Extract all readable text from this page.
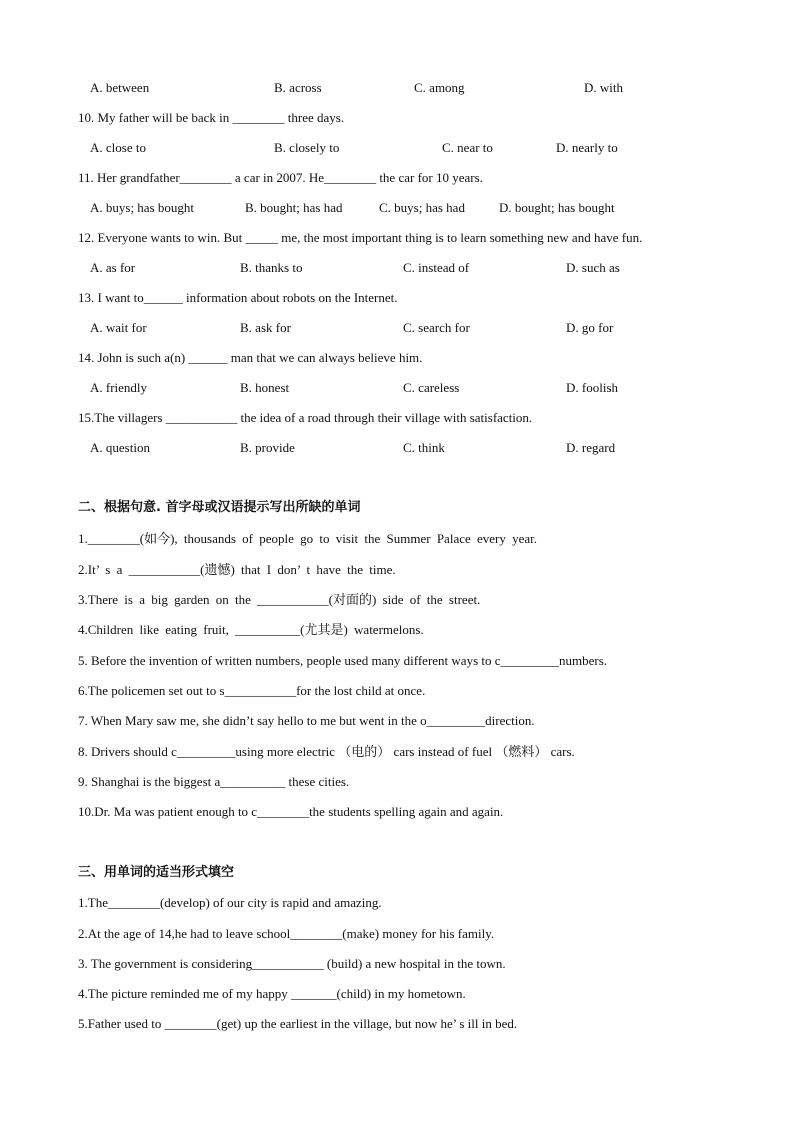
A. between	B. across	C. among	D. with
10. My father will be back in ________ three days.
A. close to	B. closely to	C. near to	D. nearly to
11. Her grandfather________ a car in 2007. He________ the car for 10 years.
A. buys; has bought	B. bought; has had	C. buys; has had	D. bought; has bought
12. Everyone wants to win. But _____ me, the most important thing is to learn something new and have fun.
A. as for	B. thanks to	C. instead of	D. such as
13. I want to______ information about robots on the Internet.
A. wait for	B. ask for	C. search for	D. go for
14. John is such a(n) ______ man that we can always believe him.
A. friendly	B. honest	C. careless	D. foolish
15.The villagers ___________ the idea of a road through their village with satisfaction.
A. question	B. provide	C. think	D. regard
二、根据句意. 首字母或汉语提示写出所缺的单词
1.________(如今), thousands of people go to visit the Summer Palace every year.
2.It’ s a ___________(遗憾) that I don’ t have the time.
3.There is a big garden on the ___________(对面的) side of the street.
4.Children like eating fruit, __________(尤其是) watermelons.
5. Before the invention of written numbers, people used many different ways to c_________numbers.
6.The policemen set out to s___________for the lost child at once.
7. When Mary saw me, she didn’t say hello to me but went in the o_________direction.
8. Drivers should c_________using more electric （电的） cars instead of fuel （燃料） cars.
9. Shanghai is the biggest a__________ these cities.
10.Dr. Ma was patient enough to c________the students spelling again and again.
三、用单词的适当形式填空
1.The________(develop) of our city is rapid and amazing.
2.At the age of 14,he had to leave school________(make) money for his family.
3. The government is considering___________ (build) a new hospital in the town.
4.The picture reminded me of my happy _______(child) in my hometown.
5.Father used to ________(get) up the earliest in the village, but now he’ s ill in bed.
